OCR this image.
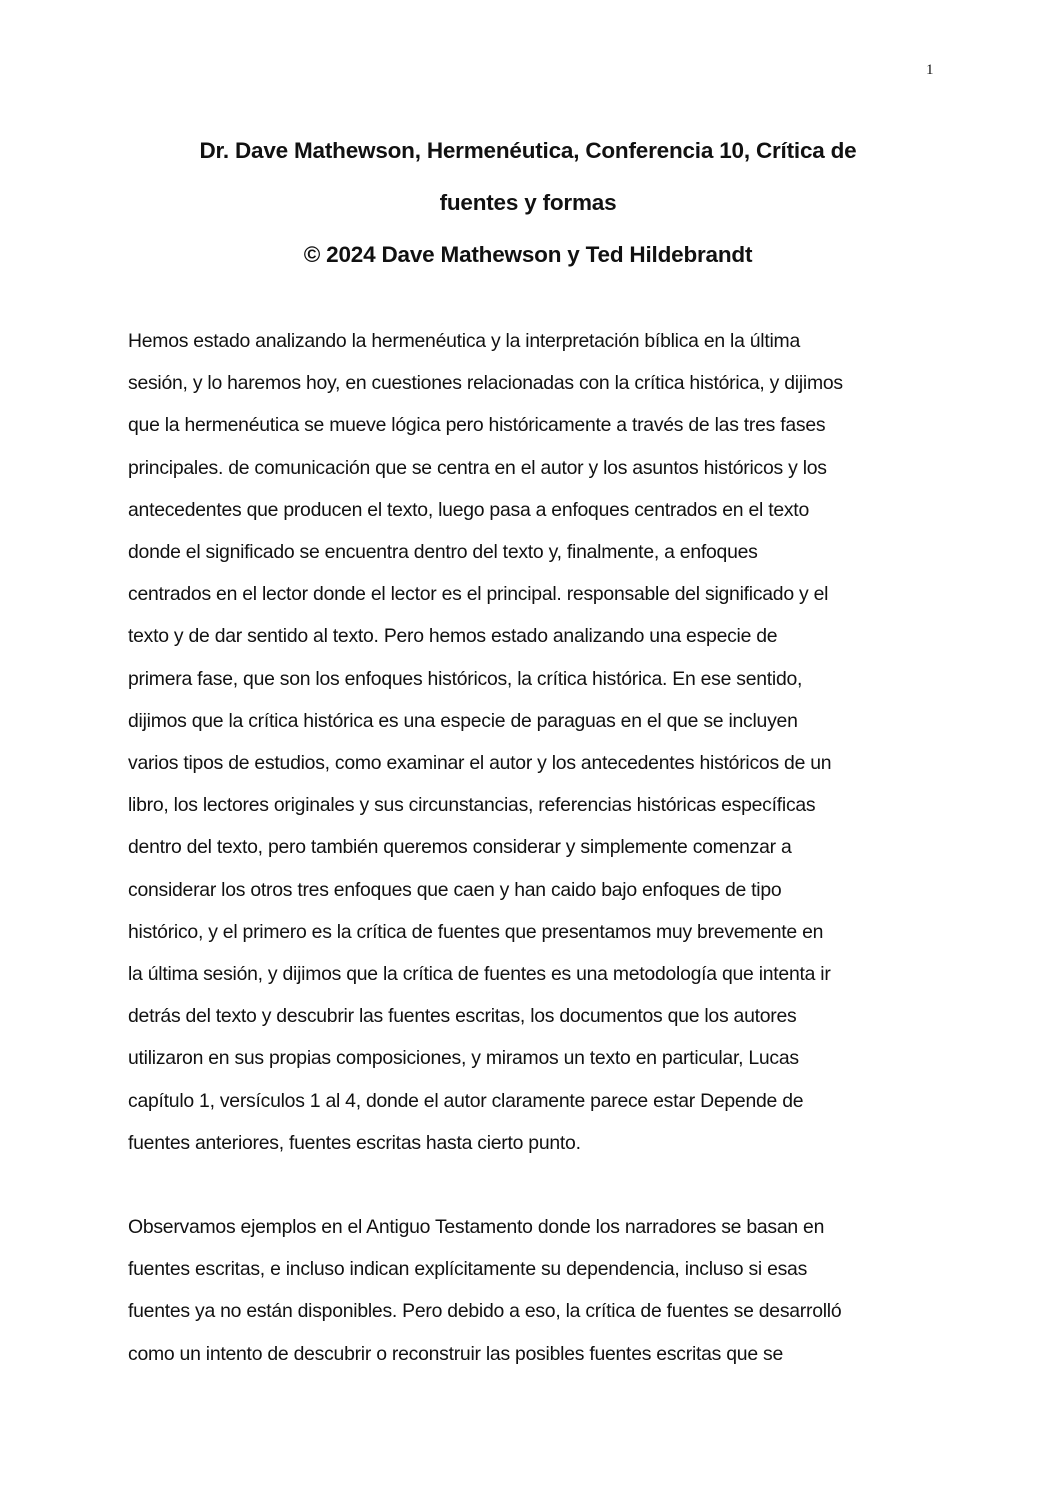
1
Dr. Dave Mathewson, Hermenéutica, Conferencia 10, Crítica de
fuentes y formas
© 2024 Dave Mathewson y Ted Hildebrandt
Hemos estado analizando la hermenéutica y la interpretación bíblica en la última
sesión, y lo haremos hoy, en cuestiones relacionadas con la crítica histórica, y dijimos
que la hermenéutica se mueve lógica pero históricamente a través de las tres fases
principales. de comunicación que se centra en el autor y los asuntos históricos y los
antecedentes que producen el texto, luego pasa a enfoques centrados en el texto
donde el significado se encuentra dentro del texto y, finalmente, a enfoques
centrados en el lector donde el lector es el principal. responsable del significado y el
texto y de dar sentido al texto. Pero hemos estado analizando una especie de
primera fase, que son los enfoques históricos, la crítica histórica. En ese sentido,
dijimos que la crítica histórica es una especie de paraguas en el que se incluyen
varios tipos de estudios, como examinar el autor y los antecedentes históricos de un
libro, los lectores originales y sus circunstancias, referencias históricas específicas
dentro del texto, pero también queremos considerar y simplemente comenzar a
considerar los otros tres enfoques que caen y han caido bajo enfoques de tipo
histórico, y el primero es la crítica de fuentes que presentamos muy brevemente en
la última sesión, y dijimos que la crítica de fuentes es una metodología que intenta ir
detrás del texto y descubrir las fuentes escritas, los documentos que los autores
utilizaron en sus propias composiciones, y miramos un texto en particular, Lucas
capítulo 1, versículos 1 al 4, donde el autor claramente parece estar Depende de
fuentes anteriores, fuentes escritas hasta cierto punto.
Observamos ejemplos en el Antiguo Testamento donde los narradores se basan en
fuentes escritas, e incluso indican explícitamente su dependencia, incluso si esas
fuentes ya no están disponibles. Pero debido a eso, la crítica de fuentes se desarrolló
como un intento de descubrir o reconstruir las posibles fuentes escritas que se
